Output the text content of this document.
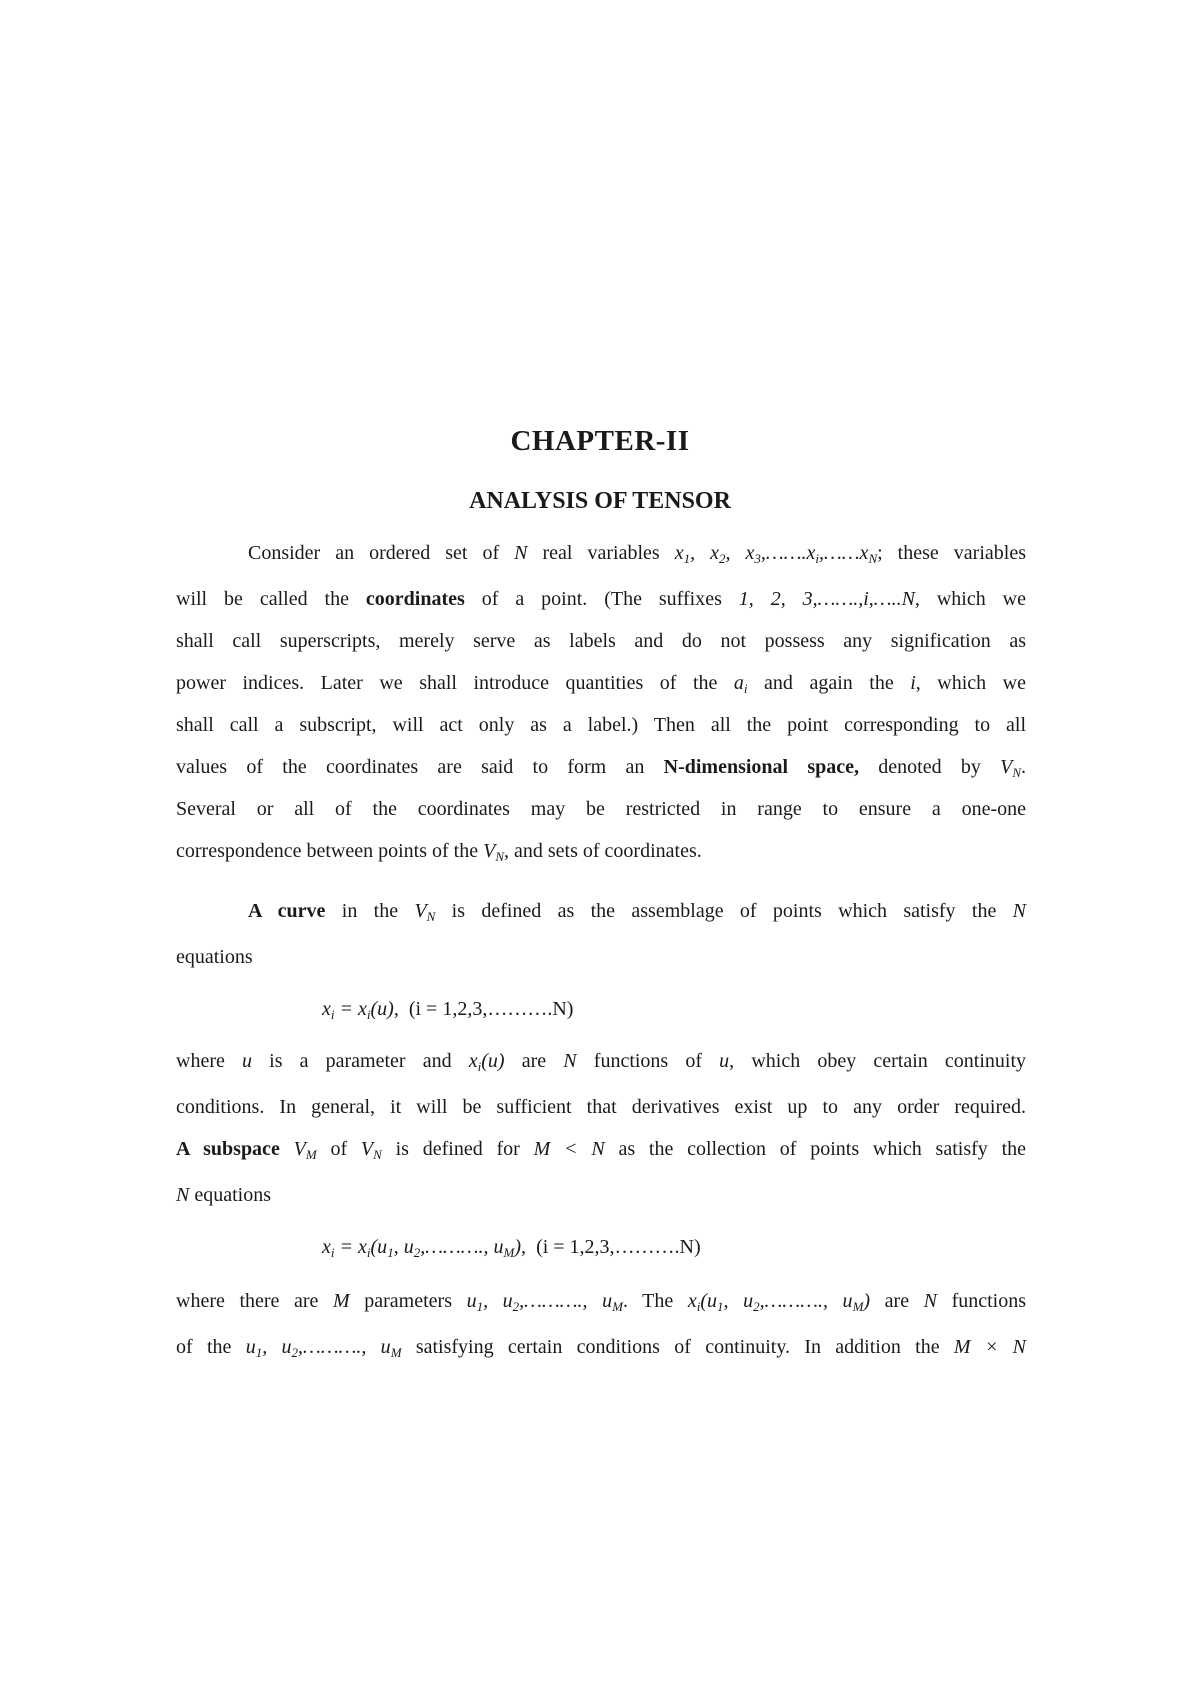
CHAPTER-II
ANALYSIS OF TENSOR
Consider an ordered set of N real variables $x_1$, $x_2$, $x_3,\dots\dots.x_i,\dots\dots x_N$; these variables
will be called the coordinates of a point. (The suffixes 1, 2, 3,…….,i,…..N, which we
shall call superscripts, merely serve as labels and do not possess any signification as
power indices. Later we shall introduce quantities of the $a_i$ and again the i, which we
shall call a subscript, will act only as a label.) Then all the point corresponding to all
values of the coordinates are said to form an N-dimensional space, denoted by $V_N$.
Several or all of the coordinates may be restricted in range to ensure a one-one
correspondence between points of the $V_N$, and sets of coordinates.
A curve in the $V_N$ is defined as the assemblage of points which satisfy the N
equations
$x_i = x_i(u)$, (i = 1,2,3,……….N)
where u is a parameter and $x_i(u)$ are N functions of u, which obey certain continuity
conditions. In general, it will be sufficient that derivatives exist up to any order required.
A subspace $V_M$ of $V_N$ is defined for M < N as the collection of points which satisfy the
N equations
$x_i = x_i(u_1$, $u_2,\dots\dots\dots$., $u_M$), (i = 1,2,3,……….N)
where there are M parameters $u_1$, $u_2,\dots\dots\dots$., $u_M$. The $x_i(u_1$, $u_2,\dots\dots\dots$., $u_M$) are N functions
of the $u_1$, $u_2,\dots\dots\dots$., $u_M$ satisfying certain conditions of continuity. In addition the M × N
